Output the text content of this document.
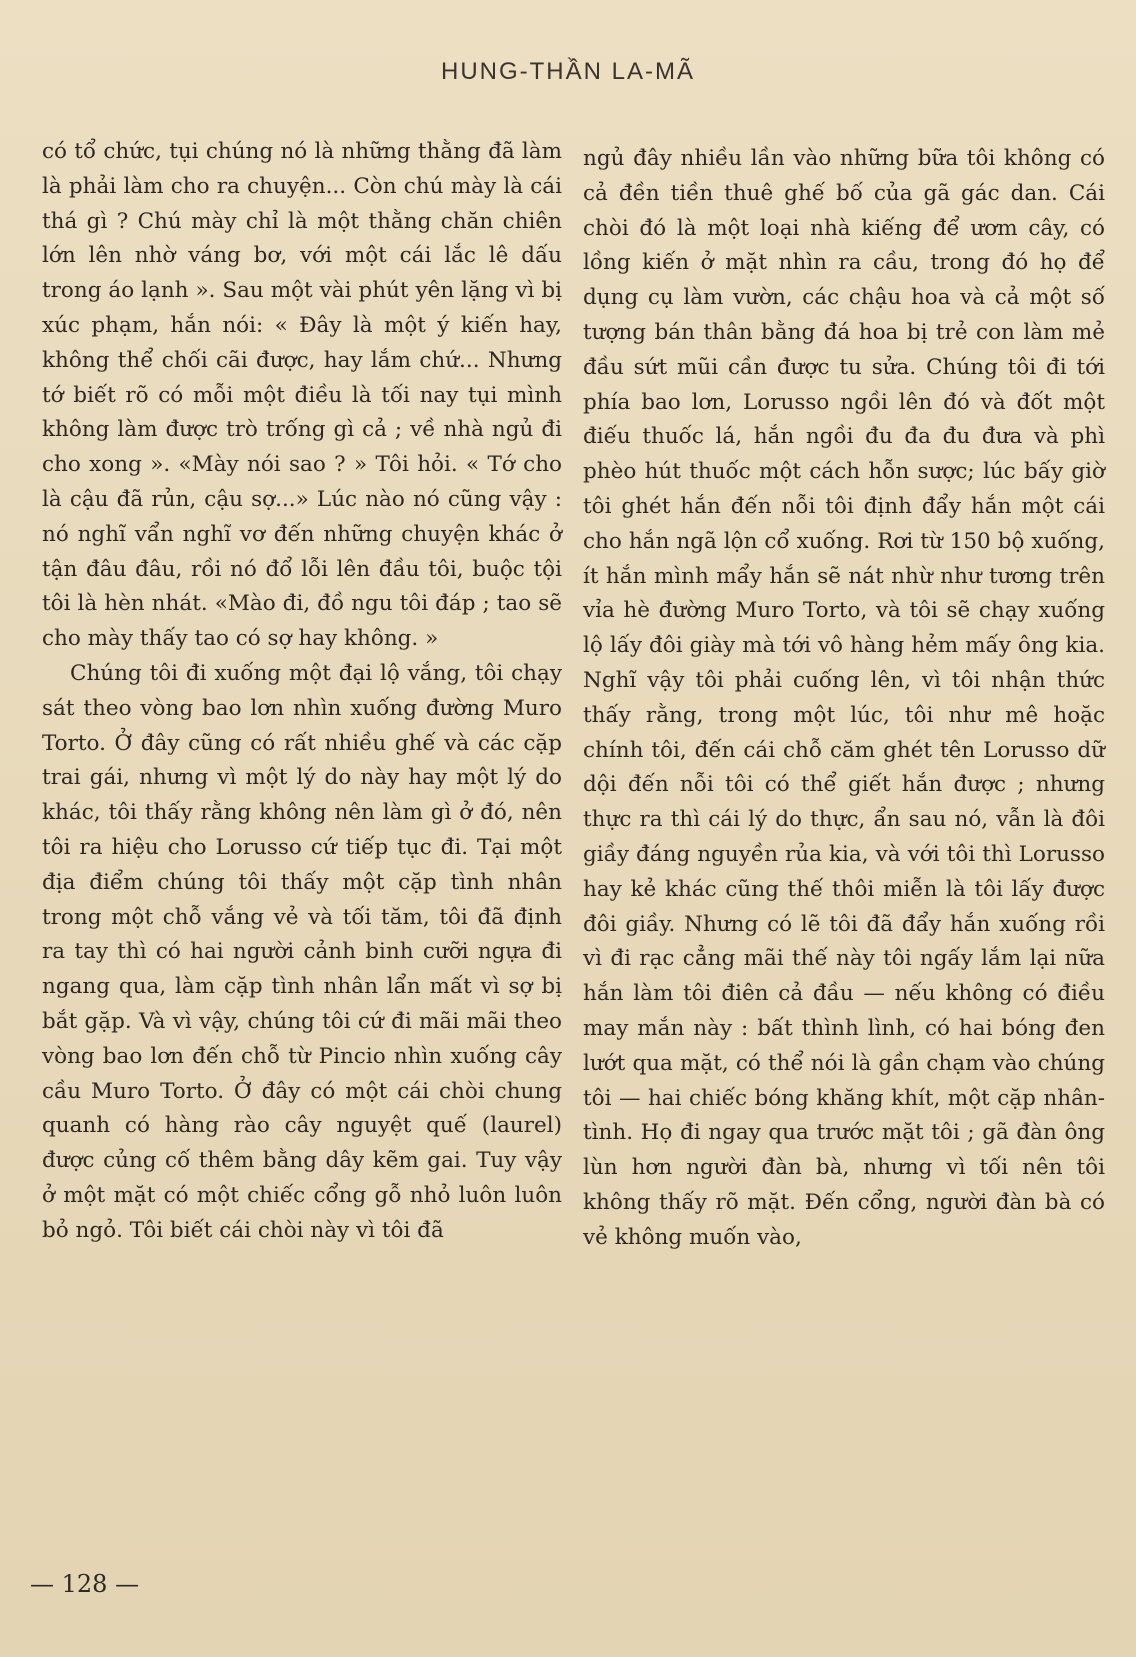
HUNG-THẦN LA-MÃ

có tổ chức, tụi chúng nó là những thằng đã làm là phải làm cho ra chuyện... Còn chú mày là cái thá gì ? Chú mày chỉ là một thằng chăn chiên lớn lên nhờ váng bơ, với một cái lắc lê dấu trong áo lạnh ». Sau một vài phút yên lặng vì bị xúc phạm, hắn nói: « Đây là một ý kiến hay, không thể chối cãi được, hay lắm chứ... Nhưng tớ biết rõ có mỗi một điều là tối nay tụi mình không làm được trò trống gì cả ; về nhà ngủ đi cho xong ». «Mày nói sao ? » Tôi hỏi. « Tớ cho là cậu đã rủn, cậu sợ...» Lúc nào nó cũng vậy : nó nghĩ vẩn nghĩ vơ đến những chuyện khác ở tận đâu đâu, rồi nó đổ lỗi lên đầu tôi, buộc tội tôi là hèn nhát. «Mào đi, đồ ngu tôi đáp ; tao sẽ cho mày thấy tao có sợ hay không. »

Chúng tôi đi xuống một đại lộ vắng, tôi chạy sát theo vòng bao lơn nhìn xuống đường Muro Torto. Ở đây cũng có rất nhiều ghế và các cặp trai gái, nhưng vì một lý do này hay một lý do khác, tôi thấy rằng không nên làm gì ở đó, nên tôi ra hiệu cho Lorusso cứ tiếp tục đi. Tại một địa điểm chúng tôi thấy một cặp tình nhân trong một chỗ vắng vẻ và tối tăm, tôi đã định ra tay thì có hai người cảnh binh cưỡi ngựa đi ngang qua, làm cặp tình nhân lẩn mất vì sợ bị bắt gặp. Và vì vậy, chúng tôi cứ đi mãi mãi theo vòng bao lơn đến chỗ từ Pincio nhìn xuống cây cầu Muro Torto. Ở đây có một cái chòi chung quanh có hàng rào cây nguyệt quế (laurel) được củng cố thêm bằng dây kẽm gai. Tuy vậy ở một mặt có một chiếc cổng gỗ nhỏ luôn luôn bỏ ngỏ. Tôi biết cái chòi này vì tôi đã

ngủ đây nhiều lần vào những bữa tôi không có cả đền tiền thuê ghế bố của gã gác dan. Cái chòi đó là một loại nhà kiếng để ươm cây, có lồng kiến ở mặt nhìn ra cầu, trong đó họ để dụng cụ làm vườn, các chậu hoa và cả một số tượng bán thân bằng đá hoa bị trẻ con làm mẻ đầu sứt mũi cần được tu sửa. Chúng tôi đi tới phía bao lơn, Lorusso ngồi lên đó và đốt một điếu thuốc lá, hắn ngồi đu đa đu đưa và phì phèo hút thuốc một cách hỗn sược; lúc bấy giờ tôi ghét hắn đến nỗi tôi định đẩy hắn một cái cho hắn ngã lộn cổ xuống. Rơi từ 150 bộ xuống, ít hắn mình mẩy hắn sẽ nát nhừ như tương trên vỉa hè đường Muro Torto, và tôi sẽ chạy xuống lộ lấy đôi giày mà tới vô hàng hẻm mấy ông kia. Nghĩ vậy tôi phải cuống lên, vì tôi nhận thức thấy rằng, trong một lúc, tôi như mê hoặc chính tôi, đến cái chỗ căm ghét tên Lorusso dữ dội đến nỗi tôi có thể giết hắn được ; nhưng thực ra thì cái lý do thực, ẩn sau nó, vẫn là đôi giầy đáng nguyền rủa kia, và với tôi thì Lorusso hay kẻ khác cũng thế thôi miễn là tôi lấy được đôi giầy. Nhưng có lẽ tôi đã đẩy hắn xuống rồi vì đi rạc cẳng mãi thế này tôi ngấy lắm lại nữa hắn làm tôi điên cả đầu — nếu không có điều may mắn này : bất thình lình, có hai bóng đen lướt qua mặt, có thể nói là gần chạm vào chúng tôi — hai chiếc bóng khăng khít, một cặp nhân-tình. Họ đi ngay qua trước mặt tôi ; gã đàn ông lùn hơn người đàn bà, nhưng vì tối nên tôi không thấy rõ mặt. Đến cổng, người đàn bà có vẻ không muốn vào,

— 128 —
